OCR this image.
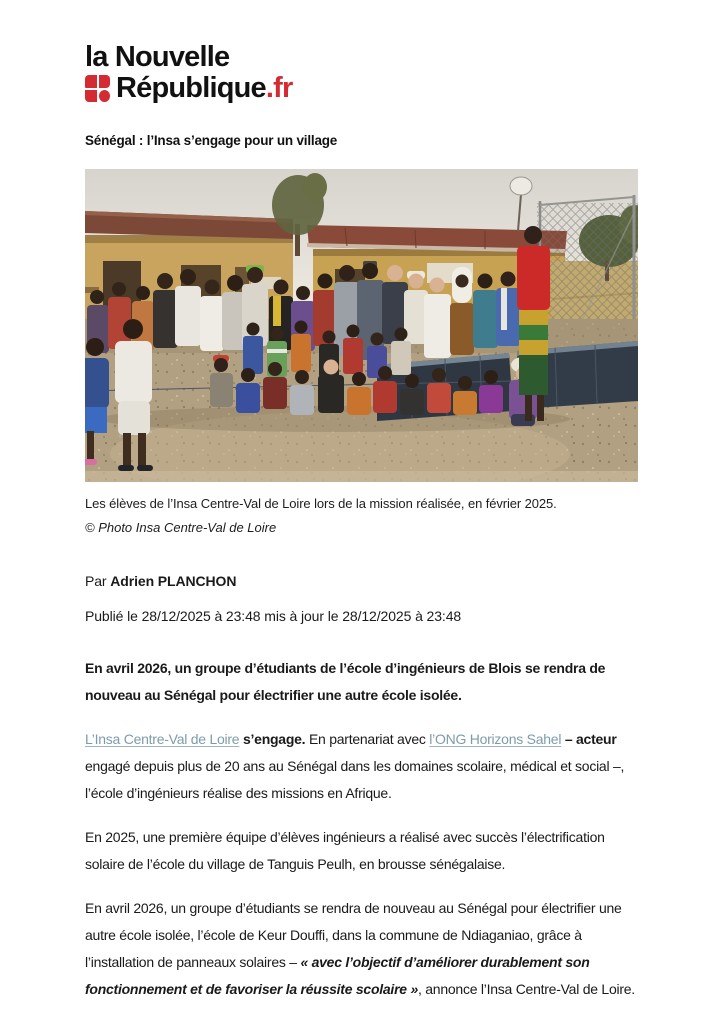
la Nouvelle
République .fr
Sénégal : l’Insa s’engage pour un village
Les élèves de l’Insa Centre-Val de Loire lors de la mission réalisée, en février 2025.
© Photo Insa Centre-Val de Loire

Par Adrien PLANCHON

Publié le 28/12/2025 à 23:48 mis à jour le 28/12/2025 à 23:48

En avril 2026, un groupe d’étudiants de l’école d’ingénieurs de Blois se rendra de nouveau au Sénégal pour électrifier une autre école isolée.

L’Insa Centre-Val de Loire s’engage. En partenariat avec l’ONG Horizons Sahel – acteur engagé depuis plus de 20 ans au Sénégal dans les domaines scolaire, médical et social –, l’école d’ingénieurs réalise des missions en Afrique.

En 2025, une première équipe d’élèves ingénieurs a réalisé avec succès l’électrification solaire de l’école du village de Tanguis Peulh, en brousse sénégalaise.

En avril 2026, un groupe d’étudiants se rendra de nouveau au Sénégal pour électrifier une autre école isolée, l’école de Keur Douffi, dans la commune de Ndiaganiao, grâce à l’installation de panneaux solaires – « avec l’objectif d’améliorer durablement son fonctionnement et de favoriser la réussite scolaire », annonce l’Insa Centre-Val de Loire.
